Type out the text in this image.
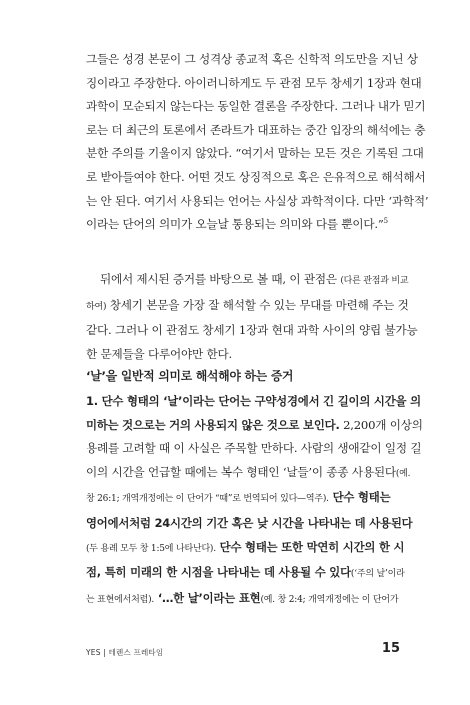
그들은 성경 본문이 그 성격상 종교적 혹은 신학적 의도만을 지닌 상
징이라고 주장한다. 아이러니하게도 두 관점 모두 창세기 1장과 현대
과학이 모순되지 않는다는 동일한 결론을 주장한다. 그러나 내가 믿기
로는 더 최근의 토론에서 존라트가 대표하는 중간 입장의 해석에는 충
분한 주의를 기울이지 않았다. “여기서 말하는 모든 것은 기록된 그대
로 받아들여야 한다. 어떤 것도 상징적으로 혹은 은유적으로 해석해서
는 안 된다. 여기서 사용되는 언어는 사실상 과학적이다. 다만 ‘과학적’
이라는 단어의 의미가 오늘날 통용되는 의미와 다를 뿐이다.”$^5$
뒤에서 제시된 증거를 바탕으로 볼 때, 이 관점은 (다른 관점과 비교
하여) 창세기 본문을 가장 잘 해석할 수 있는 무대를 마련해 주는 것
같다. 그러나 이 관점도 창세기 1장과 현대 과학 사이의 양립 불가능
한 문제들을 다루어야만 한다.
‘날’을 일반적 의미로 해석해야 하는 증거
1. 단수 형태의 ‘날’이라는 단어는 구약성경에서 긴 길이의 시간을 의
미하는 것으로는 거의 사용되지 않은 것으로 보인다. 2,200개 이상의
용례를 고려할 때 이 사실은 주목할 만하다. 사람의 생애같이 일정 길
이의 시간을 언급할 때에는 복수 형태인 ‘날들’이 종종 사용된다(예.
창 26:1; 개역개정에는 이 단어가 “때”로 번역되어 있다—역주). 단수 형태는
영어에서처럼 24시간의 기간 혹은 낮 시간을 나타내는 데 사용된다
(두 용례 모두 창 1:5에 나타난다). 단수 형태는 또한 막연히 시간의 한 시
점, 특히 미래의 한 시점을 나타내는 데 사용될 수 있다(‘주의 날’이라
는 표현에서처럼). ‘…한 날’이라는 표현(예. 창 2:4; 개역개정에는 이 단어가
YES | 테렌스 프레타임	15
